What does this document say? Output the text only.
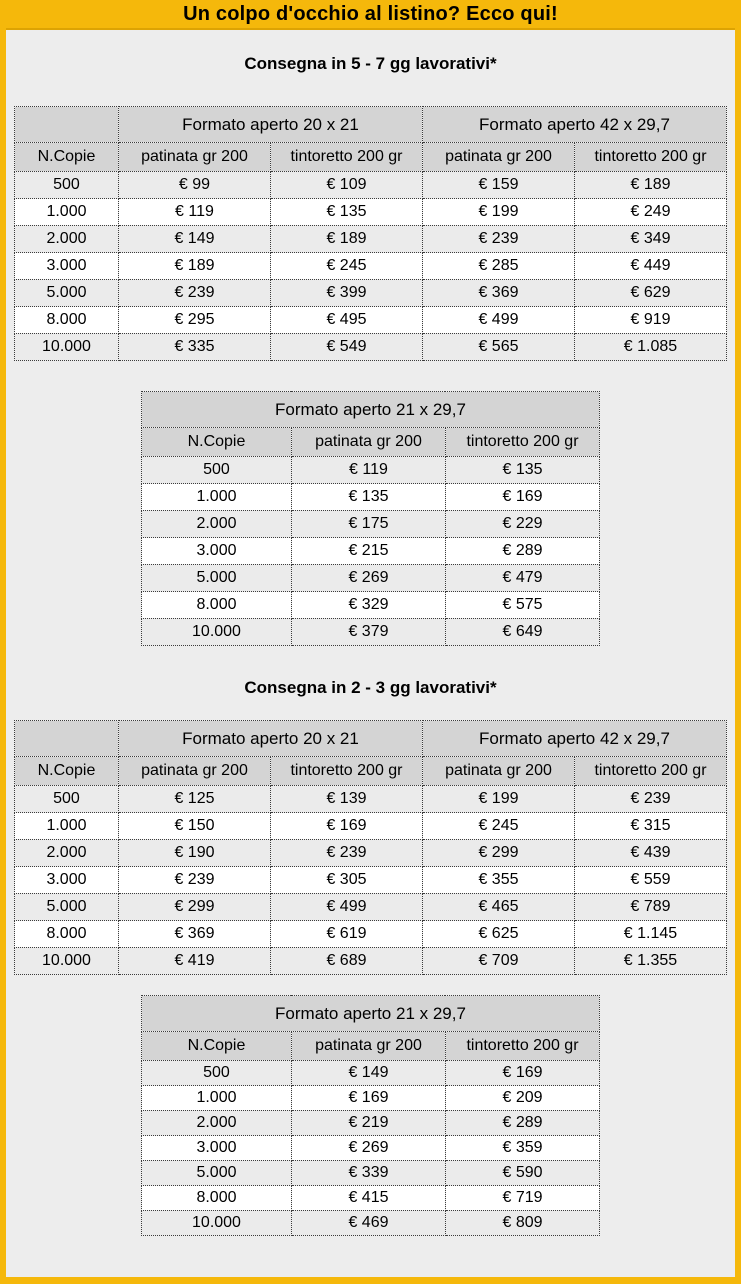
Un colpo d'occhio al listino? Ecco qui!
Consegna in 5 - 7 gg lavorativi*
	Formato aperto 20 x 21		Formato aperto 42 x 29,7	
N.Copie	patinata gr 200	tintoretto 200 gr	patinata gr 200	tintoretto 200 gr
500	€ 99	€ 109	€ 159	€ 189
1.000	€ 119	€ 135	€ 199	€ 249
2.000	€ 149	€ 189	€ 239	€ 349
3.000	€ 189	€ 245	€ 285	€ 449
5.000	€ 239	€ 399	€ 369	€ 629
8.000	€ 295	€ 495	€ 499	€ 919
10.000	€ 335	€ 549	€ 565	€ 1.085
Formato aperto 21 x 29,7		
N.Copie	patinata gr 200	tintoretto 200 gr
500	€ 119	€ 135
1.000	€ 135	€ 169
2.000	€ 175	€ 229
3.000	€ 215	€ 289
5.000	€ 269	€ 479
8.000	€ 329	€ 575
10.000	€ 379	€ 649
Consegna in 2 - 3 gg lavorativi*
	Formato aperto 20 x 21		Formato aperto 42 x 29,7	
N.Copie	patinata gr 200	tintoretto 200 gr	patinata gr 200	tintoretto 200 gr
500	€ 125	€ 139	€ 199	€ 239
1.000	€ 150	€ 169	€ 245	€ 315
2.000	€ 190	€ 239	€ 299	€ 439
3.000	€ 239	€ 305	€ 355	€ 559
5.000	€ 299	€ 499	€ 465	€ 789
8.000	€ 369	€ 619	€ 625	€ 1.145
10.000	€ 419	€ 689	€ 709	€ 1.355
Formato aperto 21 x 29,7		
N.Copie	patinata gr 200	tintoretto 200 gr
500	€ 149	€ 169
1.000	€ 169	€ 209
2.000	€ 219	€ 289
3.000	€ 269	€ 359
5.000	€ 339	€ 590
8.000	€ 415	€ 719
10.000	€ 469	€ 809
